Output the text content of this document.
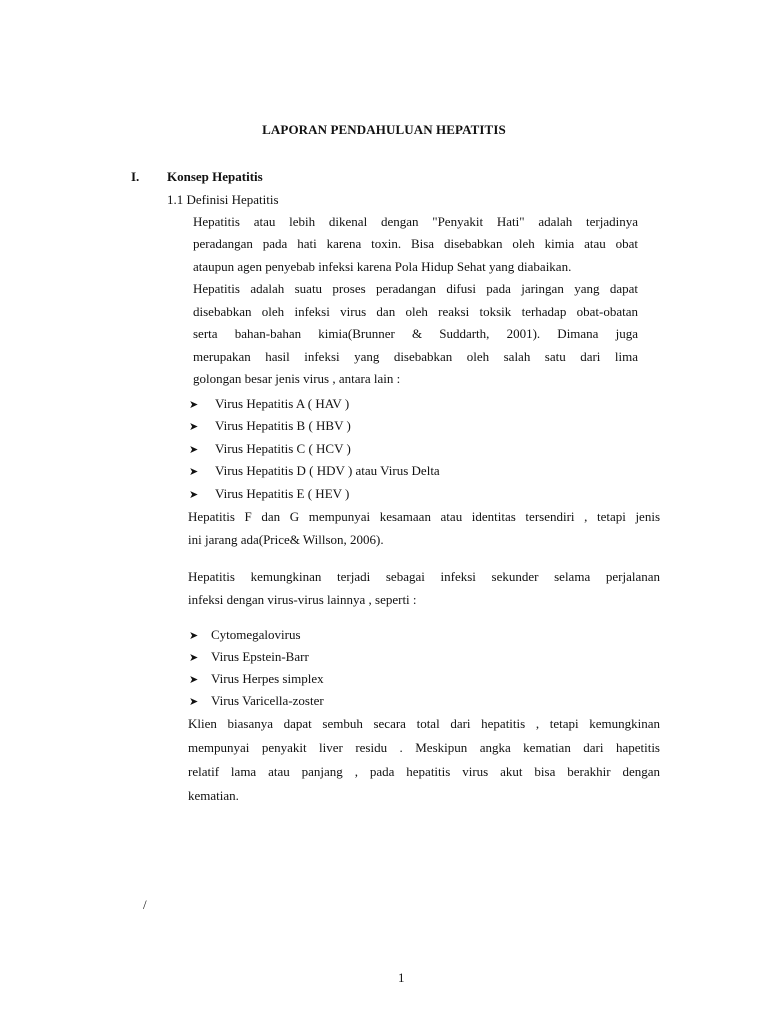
LAPORAN PENDAHULUAN HEPATITIS
I. Konsep Hepatitis
1.1 Definisi Hepatitis
Hepatitis atau lebih dikenal dengan "Penyakit Hati" adalah terjadinya
peradangan pada hati karena toxin. Bisa disebabkan oleh kimia atau obat
ataupun agen penyebab infeksi karena Pola Hidup Sehat yang diabaikan.
Hepatitis adalah suatu proses peradangan difusi pada jaringan yang dapat
disebabkan oleh infeksi virus dan oleh reaksi toksik terhadap obat-obatan
serta bahan-bahan kimia(Brunner & Suddarth, 2001). Dimana juga
merupakan hasil infeksi yang disebabkan oleh salah satu dari lima
golongan besar jenis virus , antara lain :
➤ Virus Hepatitis A ( HAV )
➤ Virus Hepatitis B ( HBV )
➤ Virus Hepatitis C ( HCV )
➤ Virus Hepatitis D ( HDV ) atau Virus Delta
➤ Virus Hepatitis E ( HEV )
Hepatitis F dan G mempunyai kesamaan atau identitas tersendiri , tetapi jenis
ini jarang ada(Price& Willson, 2006).
Hepatitis kemungkinan terjadi sebagai infeksi sekunder selama perjalanan
infeksi dengan virus-virus lainnya , seperti :
➤ Cytomegalovirus
➤ Virus Epstein-Barr
➤ Virus Herpes simplex
➤ Virus Varicella-zoster
Klien biasanya dapat sembuh secara total dari hepatitis , tetapi kemungkinan
mempunyai penyakit liver residu . Meskipun angka kematian dari hapetitis
relatif lama atau panjang , pada hepatitis virus akut bisa berakhir dengan
kematian.
/
1
